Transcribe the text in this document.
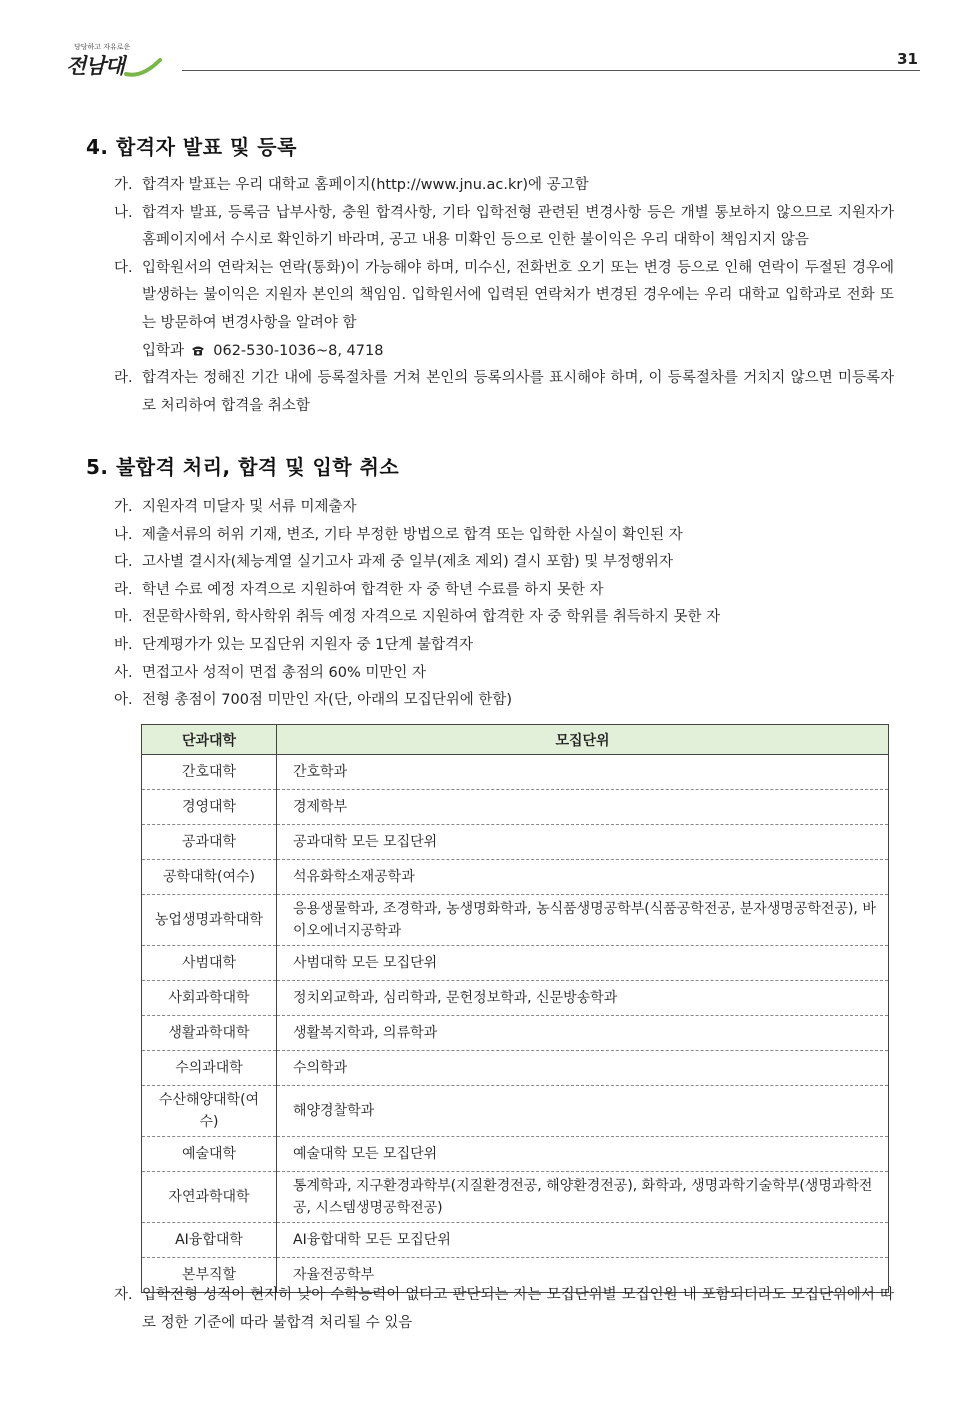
당당하고 자유로운
전남대	31
4. 합격자 발표 및 등록
가. 합격자 발표는 우리 대학교 홈페이지(http://www.jnu.ac.kr)에 공고함
나. 합격자 발표, 등록금 납부사항, 충원 합격사항, 기타 입학전형 관련된 변경사항 등은 개별 통보하지 않으므로 지원자가 홈페이지에서 수시로 확인하기 바라며, 공고 내용 미확인 등으로 인한 불이익은 우리 대학이 책임지지 않음
다. 입학원서의 연락처는 연락(통화)이 가능해야 하며, 미수신, 전화번호 오기 또는 변경 등으로 인해 연락이 두절된 경우에 발생하는 불이익은 지원자 본인의 책임임. 입학원서에 입력된 연락처가 변경된 경우에는 우리 대학교 입학과로 전화 또는 방문하여 변경사항을 알려야 함
입학과 062-530-1036~8, 4718
라. 합격자는 정해진 기간 내에 등록절차를 거쳐 본인의 등록의사를 표시해야 하며, 이 등록절차를 거치지 않으면 미등록자로 처리하여 합격을 취소함
5. 불합격 처리, 합격 및 입학 취소
가. 지원자격 미달자 및 서류 미제출자
나. 제출서류의 허위 기재, 변조, 기타 부정한 방법으로 합격 또는 입학한 사실이 확인된 자
다. 고사별 결시자(체능계열 실기고사 과제 중 일부(제초 제외) 결시 포함) 및 부정행위자
라. 학년 수료 예정 자격으로 지원하여 합격한 자 중 학년 수료를 하지 못한 자
마. 전문학사학위, 학사학위 취득 예정 자격으로 지원하여 합격한 자 중 학위를 취득하지 못한 자
바. 단계평가가 있는 모집단위 지원자 중 1단계 불합격자
사. 면접고사 성적이 면접 총점의 60% 미만인 자
아. 전형 총점이 700점 미만인 자(단, 아래의 모집단위에 한함)
단과대학	모집단위
간호대학	간호학과
경영대학	경제학부
공과대학	공과대학 모든 모집단위
공학대학(여수)	석유화학소재공학과
농업생명과학대학	응용생물학과, 조경학과, 농생명화학과, 농식품생명공학부(식품공학전공, 분자생명공학전공), 바이오에너지공학과
사범대학	사범대학 모든 모집단위
사회과학대학	정치외교학과, 심리학과, 문헌정보학과, 신문방송학과
생활과학대학	생활복지학과, 의류학과
수의과대학	수의학과
수산해양대학(여수)	해양경찰학과
예술대학	예술대학 모든 모집단위
자연과학대학	통계학과, 지구환경과학부(지질환경전공, 해양환경전공), 화학과, 생명과학기술학부(생명과학전공, 시스템생명공학전공)
AI융합대학	AI융합대학 모든 모집단위
본부직할	자율전공학부
자. 입학전형 성적이 현저히 낮아 수학능력이 없다고 판단되는 자는 모집단위별 모집인원 내 포함되더라도 모집단위에서 따로 정한 기준에 따라 불합격 처리될 수 있음
